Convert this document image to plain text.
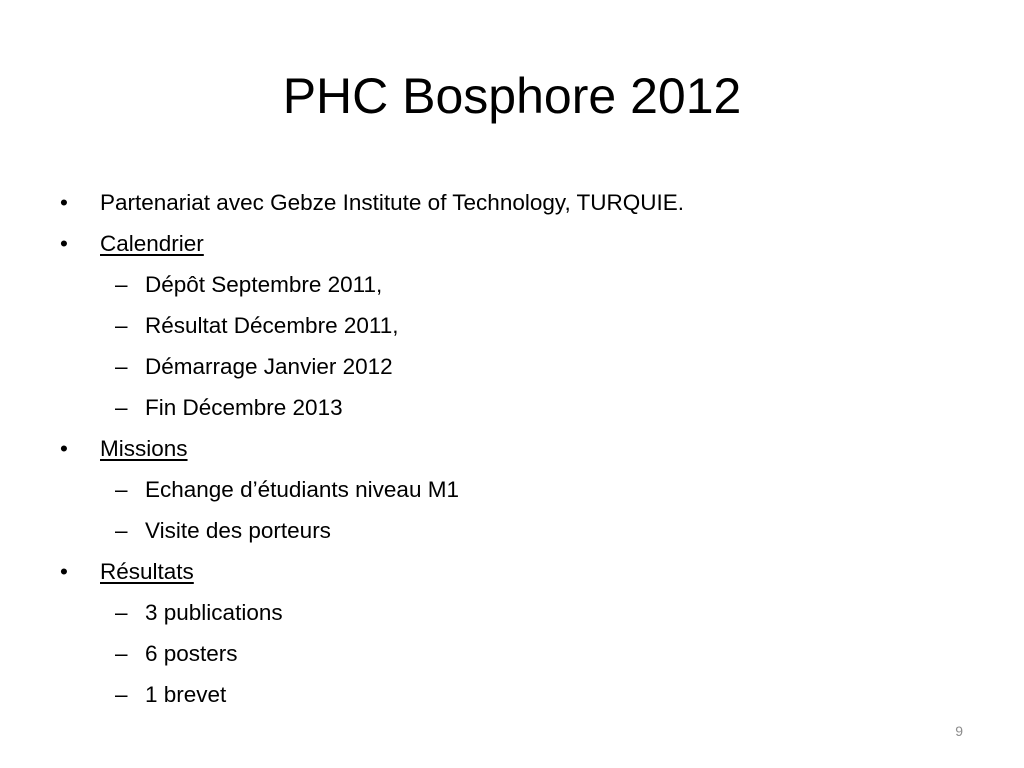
PHC Bosphore 2012
• Partenariat avec Gebze Institute of Technology, TURQUIE.
• Calendrier
– Dépôt Septembre 2011,
– Résultat Décembre 2011,
– Démarrage Janvier 2012
– Fin Décembre 2013
• Missions
– Echange d’étudiants niveau M1
– Visite des porteurs
• Résultats
– 3 publications
– 6 posters
– 1 brevet
9
